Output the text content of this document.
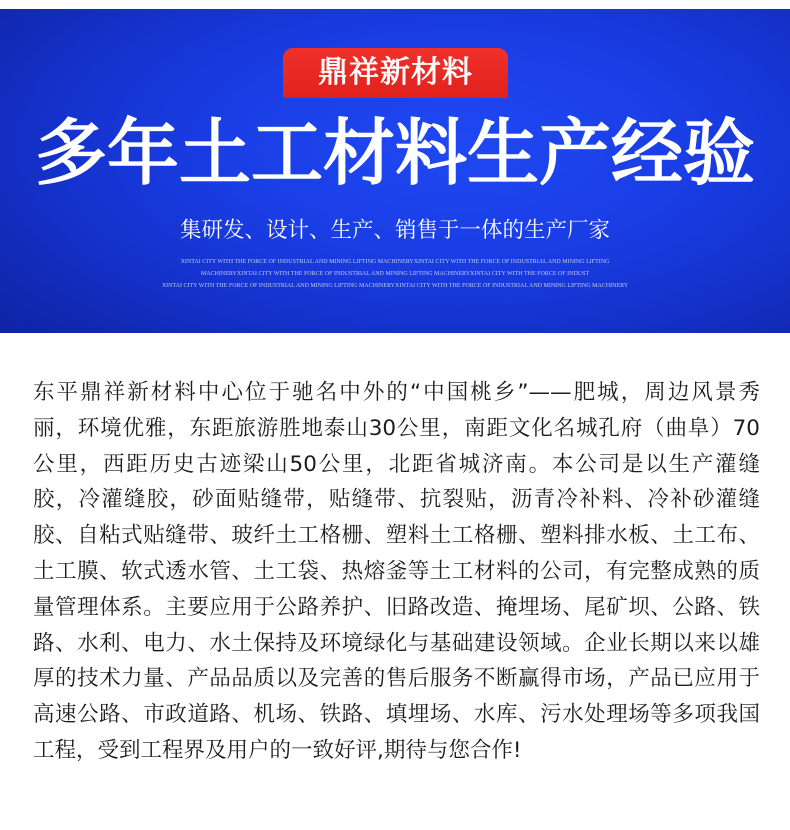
鼎祥新材料
多年土工材料生产经验
集研发、设计、生产、销售于一体的生产厂家
XINTAI CITY WITH THE FORCE OF INDUSTRIAL AND MINING LIFTING MACHINERYXINTAI CITY WITH THE FORCE OF INDUSTRIAL AND MINING LIFTING
MACHINERYXINTAI CITY WITH THE FORCE OF INDUSTRIAL AND MINING LIFTING MACHINERYXINTAI CITY WITH THE FORCE OF INDUST
XINTAI CITY WITH THE FORCE OF INDUSTRIAL AND MINING LIFTING MACHINERYXINTAI CITY WITH THE FORCE OF INDUSTRIAL AND MINING LIFTING MACHINERY
东平鼎祥新材料中心位于驰名中外的“中国桃乡”——肥城，周边风景秀
丽，环境优雅，东距旅游胜地泰山30公里，南距文化名城孔府（曲阜）70
公里，西距历史古迹梁山50公里，北距省城济南。本公司是以生产灌缝
胶，冷灌缝胶，砂面贴缝带，贴缝带、抗裂贴，沥青冷补料、冷补砂灌缝
胶、自粘式贴缝带、玻纤土工格栅、塑料土工格栅、塑料排水板、土工布、
土工膜、软式透水管、土工袋、热熔釜等土工材料的公司，有完整成熟的质
量管理体系。主要应用于公路养护、旧路改造、掩埋场、尾矿坝、公路、铁
路、水利、电力、水土保持及环境绿化与基础建设领域。企业长期以来以雄
厚的技术力量、产品品质以及完善的售后服务不断赢得市场，产品已应用于
高速公路、市政道路、机场、铁路、填埋场、水库、污水处理场等多项我国
工程，受到工程界及用户的一致好评,期待与您合作!
